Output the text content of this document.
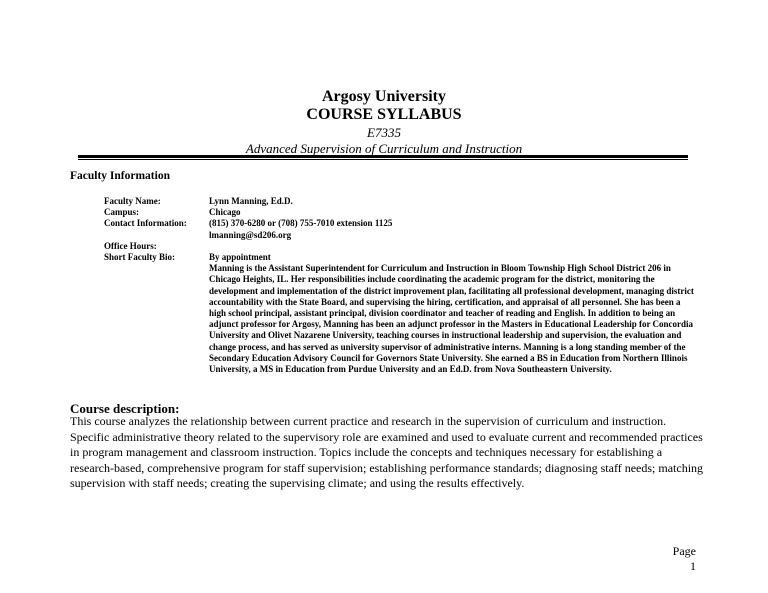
Argosy University
COURSE SYLLABUS
E7335
Advanced Supervision of Curriculum and Instruction
Faculty Information
Faculty Name:
Campus:
Contact Information:
Office Hours:
Short Faculty Bio:
Lynn Manning, Ed.D.
Chicago
(815) 370-6280 or (708) 755-7010 extension 1125
lmanning@sd206.org
By appointment
Manning is the Assistant Superintendent for Curriculum and Instruction in Bloom Township High School District 206 in Chicago Heights, IL. Her responsibilities include coordinating the academic program for the district, monitoring the development and implementation of the district improvement plan, facilitating all professional development, managing district accountability with the State Board, and supervising the hiring, certification, and appraisal of all personnel. She has been a high school principal, assistant principal, division coordinator and teacher of reading and English. In addition to being an adjunct professor for Argosy, Manning has been an adjunct professor in the Masters in Educational Leadership for Concordia University and Olivet Nazarene University, teaching courses in instructional leadership and supervision, the evaluation and change process, and has served as university supervisor of administrative interns. Manning is a long standing member of the Secondary Education Advisory Council for Governors State University. She earned a BS in Education from Northern Illinois University, a MS in Education from Purdue University and an Ed.D. from Nova Southeastern University.
Course description:
This course analyzes the relationship between current practice and research in the supervision of curriculum and instruction. Specific administrative theory related to the supervisory role are examined and used to evaluate current and recommended practices in program management and classroom instruction. Topics include the concepts and techniques necessary for establishing a research-based, comprehensive program for staff supervision; establishing performance standards; diagnosing staff needs; matching supervision with staff needs; creating the supervising climate; and using the results effectively.
Page 1
